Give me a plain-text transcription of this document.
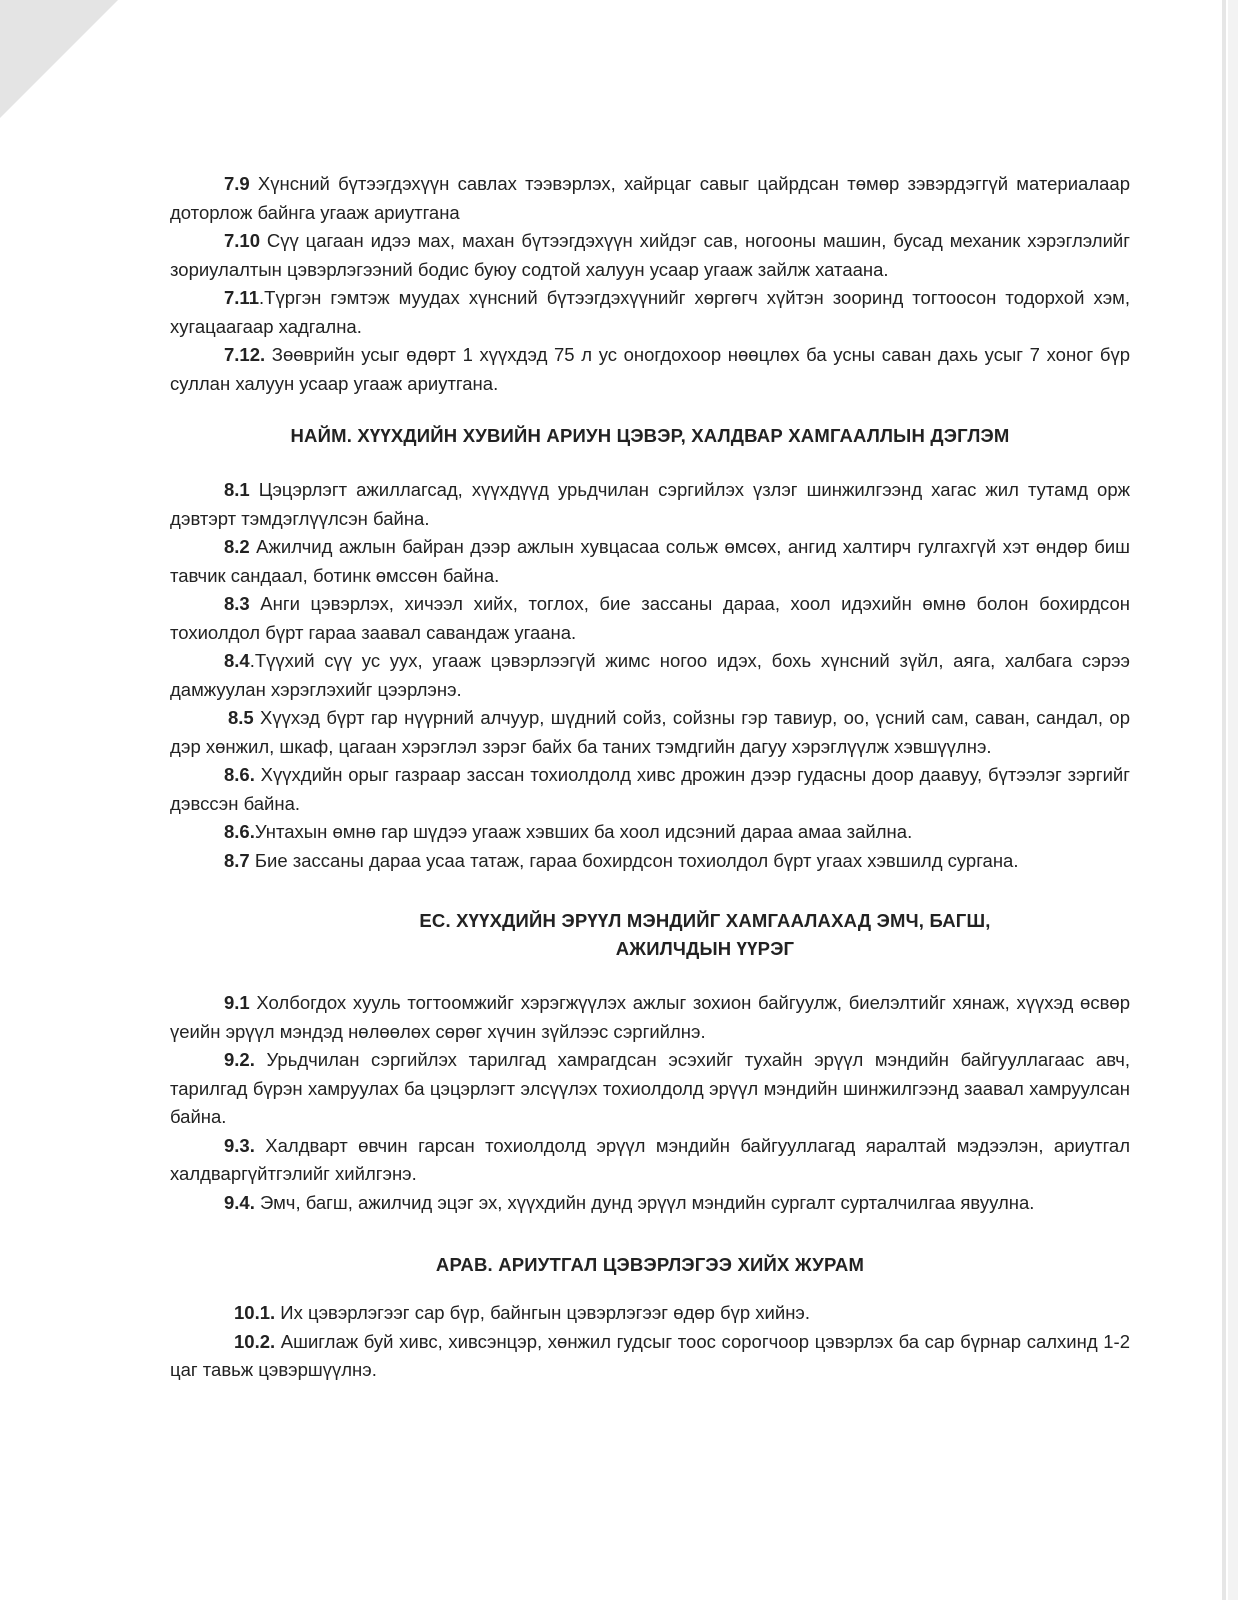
7.9 Хүнсний бүтээгдэхүүн савлах тээвэрлэх, хайрцаг савыг цайрдсан төмөр зэвэрдэггүй материалаар доторлож байнга угааж ариутгана

7.10 Сүү цагаан идээ мах, махан бүтээгдэхүүн хийдэг сав, ногооны машин, бусад механик хэрэглэлийг зориулалтын цэвэрлэгээний бодис буюу содтой халуун усаар угааж зайлж хатаана.

7.11.Түргэн гэмтэж муудах хүнсний бүтээгдэхүүнийг хөргөгч хүйтэн зооринд тогтоосон тодорхой хэм, хугацаагаар хадгална.

7.12. Зөөврийн усыг өдөрт 1 хүүхдэд 75 л ус оногдохоор нөөцлөх ба усны саван дахь усыг 7 хоног бүр суллан халуун усаар угааж ариутгана.

НАЙМ. ХҮҮХДИЙН ХУВИЙН АРИУН ЦЭВЭР, ХАЛДВАР ХАМГААЛЛЫН ДЭГЛЭМ

8.1 Цэцэрлэгт ажиллагсад, хүүхдүүд урьдчилан сэргийлэх үзлэг шинжилгээнд хагас жил тутамд орж дэвтэрт тэмдэглүүлсэн байна.

8.2 Ажилчид ажлын байран дээр ажлын хувцасаа сольж өмсөх, ангид халтирч гулгахгүй хэт өндөр биш тавчик сандаал, ботинк өмссөн байна.

8.3 Анги цэвэрлэх, хичээл хийх, тоглох, бие зассаны дараа, хоол идэхийн өмнө болон бохирдсон тохиолдол бүрт гараа заавал савандаж угаана.

8.4.Түүхий сүү ус уух, угааж цэвэрлээгүй жимс ногоо идэх, бохь хүнсний зүйл, аяга, халбага сэрээ дамжуулан хэрэглэхийг цээрлэнэ.

8.5 Хүүхэд бүрт гар нүүрний алчуур, шүдний сойз, сойзны гэр тавиур, оо, үсний сам, саван, сандал, ор дэр хөнжил, шкаф, цагаан хэрэглэл зэрэг байх ба таних тэмдгийн дагуу хэрэглүүлж хэвшүүлнэ.

8.6. Хүүхдийн орыг газраар зассан тохиолдолд хивс дрожин дээр гудасны доор даавуу, бүтээлэг зэргийг дэвссэн байна.

8.6.Унтахын өмнө гар шүдээ угааж хэвших ба хоол идсэний дараа амаа зайлна.

8.7 Бие зассаны дараа усаа татаж, гараа бохирдсон тохиолдол бүрт угаах хэвшилд сургана.

ЕС. ХҮҮХДИЙН ЭРҮҮЛ МЭНДИЙГ ХАМГААЛАХАД ЭМЧ, БАГШ,
АЖИЛЧДЫН ҮҮРЭГ

9.1 Холбогдох хууль тогтоомжийг хэрэгжүүлэх ажлыг зохион байгуулж, биелэлтийг хянаж, хүүхэд өсвөр үеийн эрүүл мэндэд нөлөөлөх сөрөг хүчин зүйлээс сэргийлнэ.

9.2. Урьдчилан сэргийлэх тарилгад хамрагдсан эсэхийг тухайн эрүүл мэндийн байгууллагаас авч, тарилгад бүрэн хамруулах ба цэцэрлэгт элсүүлэх тохиолдолд эрүүл мэндийн шинжилгээнд заавал хамруулсан байна.

9.3. Халдварт өвчин гарсан тохиолдолд эрүүл мэндийн байгууллагад яаралтай мэдээлэн, ариутгал халдваргүйтгэлийг хийлгэнэ.

9.4. Эмч, багш, ажилчид эцэг эх, хүүхдийн дунд эрүүл мэндийн сургалт сурталчилгаа явуулна.

АРАВ. АРИУТГАЛ ЦЭВЭРЛЭГЭЭ ХИЙХ ЖУРАМ

10.1. Их цэвэрлэгээг сар бүр, байнгын цэвэрлэгээг өдөр бүр хийнэ.

10.2. Ашиглаж буй хивс, хивсэнцэр, хөнжил гудсыг тоос сорогчоор цэвэрлэх ба сар бүрнар салхинд 1-2 цаг тавьж цэвэршүүлнэ.
